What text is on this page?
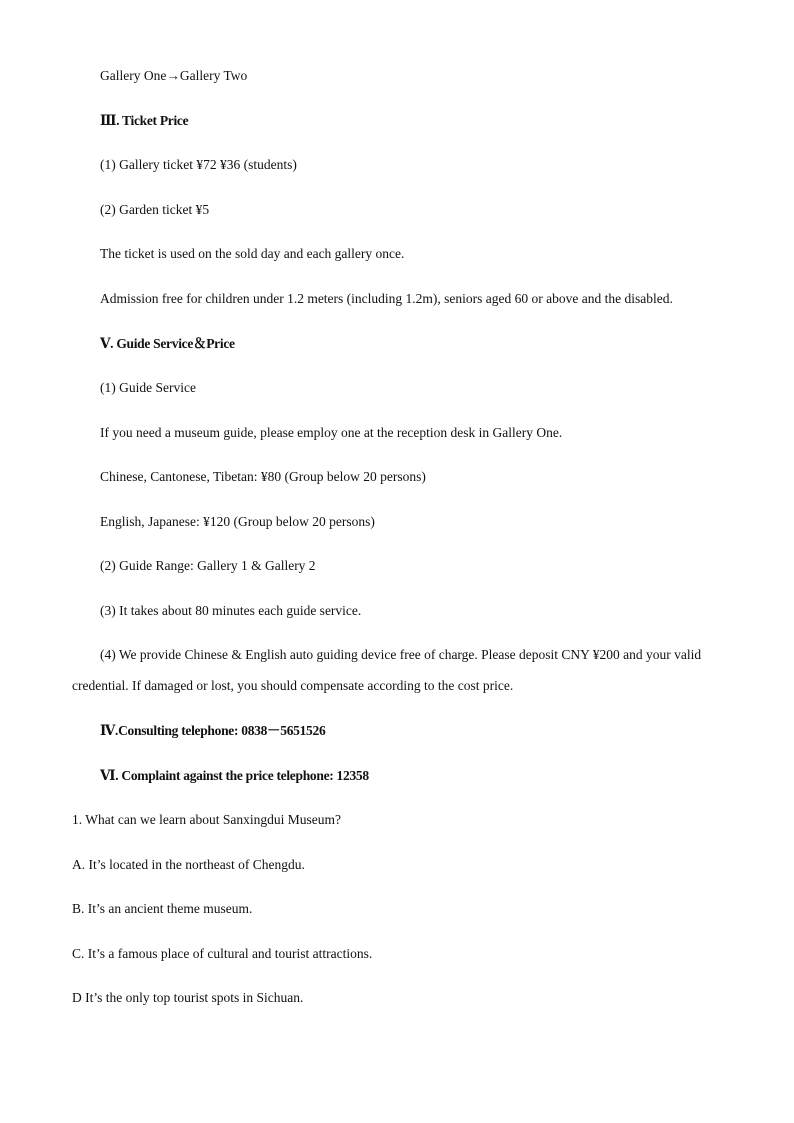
Gallery One→Gallery Two
Ⅲ. Ticket Price
(1) Gallery ticket ¥72 ¥36 (students)
(2) Garden ticket ¥5
The ticket is used on the sold day and each gallery once.
Admission free for children under 1.2 meters (including 1.2m), seniors aged 60 or above and the disabled.
Ⅴ. Guide Service＆Price
(1) Guide Service
If you need a museum guide, please employ one at the reception desk in Gallery One.
Chinese, Cantonese, Tibetan: ¥80 (Group below 20 persons)
English, Japanese: ¥120 (Group below 20 persons)
(2) Guide Range: Gallery 1 & Gallery 2
(3) It takes about 80 minutes each guide service.
(4) We provide Chinese & English auto guiding device free of charge. Please deposit CNY ¥200 and your valid credential. If damaged or lost, you should compensate according to the cost price.
Ⅳ.Consulting telephone: 0838－5651526
Ⅵ. Complaint against the price telephone: 12358
1. What can we learn about Sanxingdui Museum?
A. It’s located in the northeast of Chengdu.
B. It’s an ancient theme museum.
C. It’s a famous place of cultural and tourist attractions.
D It’s the only top tourist spots in Sichuan.
